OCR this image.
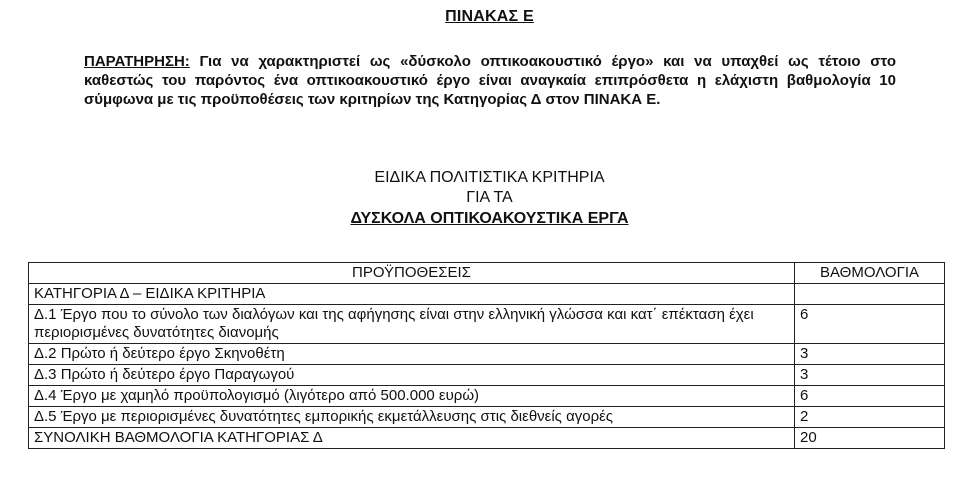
ΠΙΝΑΚΑΣ Ε
ΠΑΡΑΤΗΡΗΣΗ: Για να χαρακτηριστεί ως «δύσκολο οπτικοακουστικό έργο» και να υπαχθεί ως τέτοιο στο καθεστώς του παρόντος ένα οπτικοακουστικό έργο είναι αναγκαία επιπρόσθετα η ελάχιστη βαθμολογία 10 σύμφωνα με τις προϋποθέσεις των κριτηρίων της Κατηγορίας Δ στον ΠΙΝΑΚΑ Ε.
ΕΙΔΙΚΑ ΠΟΛΙΤΙΣΤΙΚΑ ΚΡΙΤΗΡΙΑ
ΓΙΑ ΤΑ
ΔΥΣΚΟΛΑ ΟΠΤΙΚΟΑΚΟΥΣΤΙΚΑ ΕΡΓΑ
ΠΡΟΫΠΟΘΕΣΕΙΣ	ΒΑΘΜΟΛΟΓΙΑ
ΚΑΤΗΓΟΡΙΑ Δ – ΕΙΔΙΚΑ ΚΡΙΤΗΡΙΑ	
Δ.1 Έργο που το σύνολο των διαλόγων και της αφήγησης είναι στην ελληνική γλώσσα και κατ΄ επέκταση έχει περιορισμένες δυνατότητες διανομής	6
Δ.2 Πρώτο ή δεύτερο έργο Σκηνοθέτη	3
Δ.3 Πρώτο ή δεύτερο έργο Παραγωγού	3
Δ.4 Έργο με χαμηλό προϋπολογισμό (λιγότερο από 500.000 ευρώ)	6
Δ.5 Έργο με περιορισμένες δυνατότητες εμπορικής εκμετάλλευσης στις διεθνείς αγορές	2
ΣΥΝΟΛΙΚΗ ΒΑΘΜΟΛΟΓΙΑ ΚΑΤΗΓΟΡΙΑΣ Δ	20
